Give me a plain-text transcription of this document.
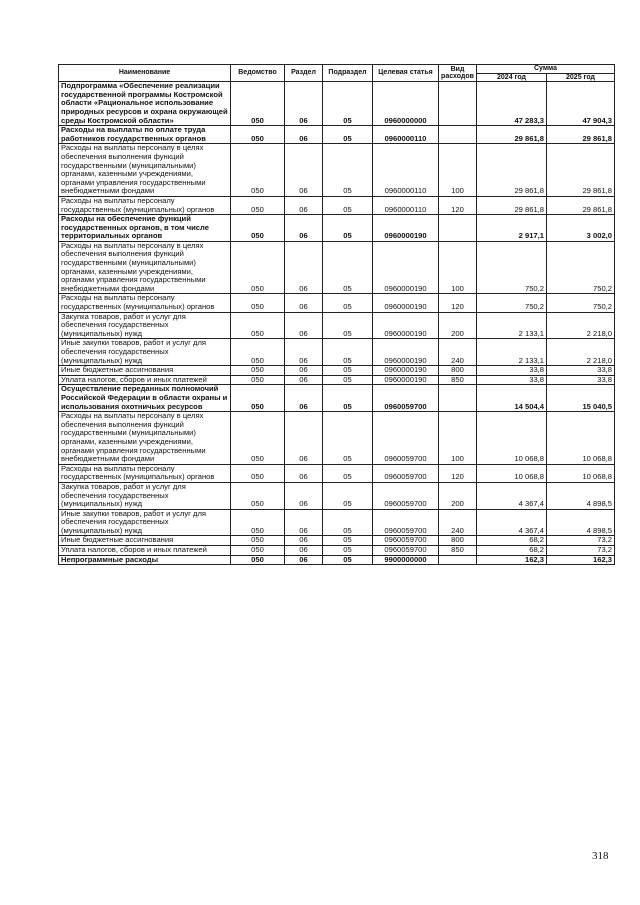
Наименование	Ведомство	Раздел	Подраздел	Целевая статья	Вид расходов	Сумма	
						2024 год	2025 год
Подпрограмма «Обеспечение реализации государственной программы Костромской области «Рациональное использование природных ресурсов и охрана окружающей среды Костромской области»	050	06	05	0960000000		47 283,3	47 904,3
Расходы на выплаты по оплате труда работников государственных органов	050	06	05	0960000110		29 861,8	29 861,8
Расходы на выплаты персоналу в целях обеспечения выполнения функций государственными (муниципальными) органами, казенными учреждениями, органами управления государственными внебюджетными фондами	050	06	05	0960000110	100	29 861,8	29 861,8
Расходы на выплаты персоналу государственных (муниципальных) органов	050	06	05	0960000110	120	29 861,8	29 861,8
Расходы на обеспечение функций государственных органов, в том числе территориальных органов	050	06	05	0960000190		2 917,1	3 002,0
Расходы на выплаты персоналу в целях обеспечения выполнения функций государственными (муниципальными) органами, казенными учреждениями, органами управления государственными внебюджетными фондами	050	06	05	0960000190	100	750,2	750,2
Расходы на выплаты персоналу государственных (муниципальных) органов	050	06	05	0960000190	120	750,2	750,2
Закупка товаров, работ и услуг для обеспечения государственных (муниципальных) нужд	050	06	05	0960000190	200	2 133,1	2 218,0
Иные закупки товаров, работ и услуг для обеспечения государственных (муниципальных) нужд	050	06	05	0960000190	240	2 133,1	2 218,0
Иные бюджетные ассигнования	050	06	05	0960000190	800	33,8	33,8
Уплата налогов, сборов и иных платежей	050	06	05	0960000190	850	33,8	33,8
Осуществление переданных полномочий Российской Федерации в области охраны и использования охотничьих ресурсов	050	06	05	0960059700		14 504,4	15 040,5
Расходы на выплаты персоналу в целях обеспечения выполнения функций государственными (муниципальными) органами, казенными учреждениями, органами управления государственными внебюджетными фондами	050	06	05	0960059700	100	10 068,8	10 068,8
Расходы на выплаты персоналу государственных (муниципальных) органов	050	06	05	0960059700	120	10 068,8	10 068,8
Закупка товаров, работ и услуг для обеспечения государственных (муниципальных) нужд	050	06	05	0960059700	200	4 367,4	4 898,5
Иные закупки товаров, работ и услуг для обеспечения государственных (муниципальных) нужд	050	06	05	0960059700	240	4 367,4	4 898,5
Иные бюджетные ассигнования	050	06	05	0960059700	800	68,2	73,2
Уплата налогов, сборов и иных платежей	050	06	05	0960059700	850	68,2	73,2
Непрограммные расходы	050	06	05	9900000000		162,3	162,3
318
